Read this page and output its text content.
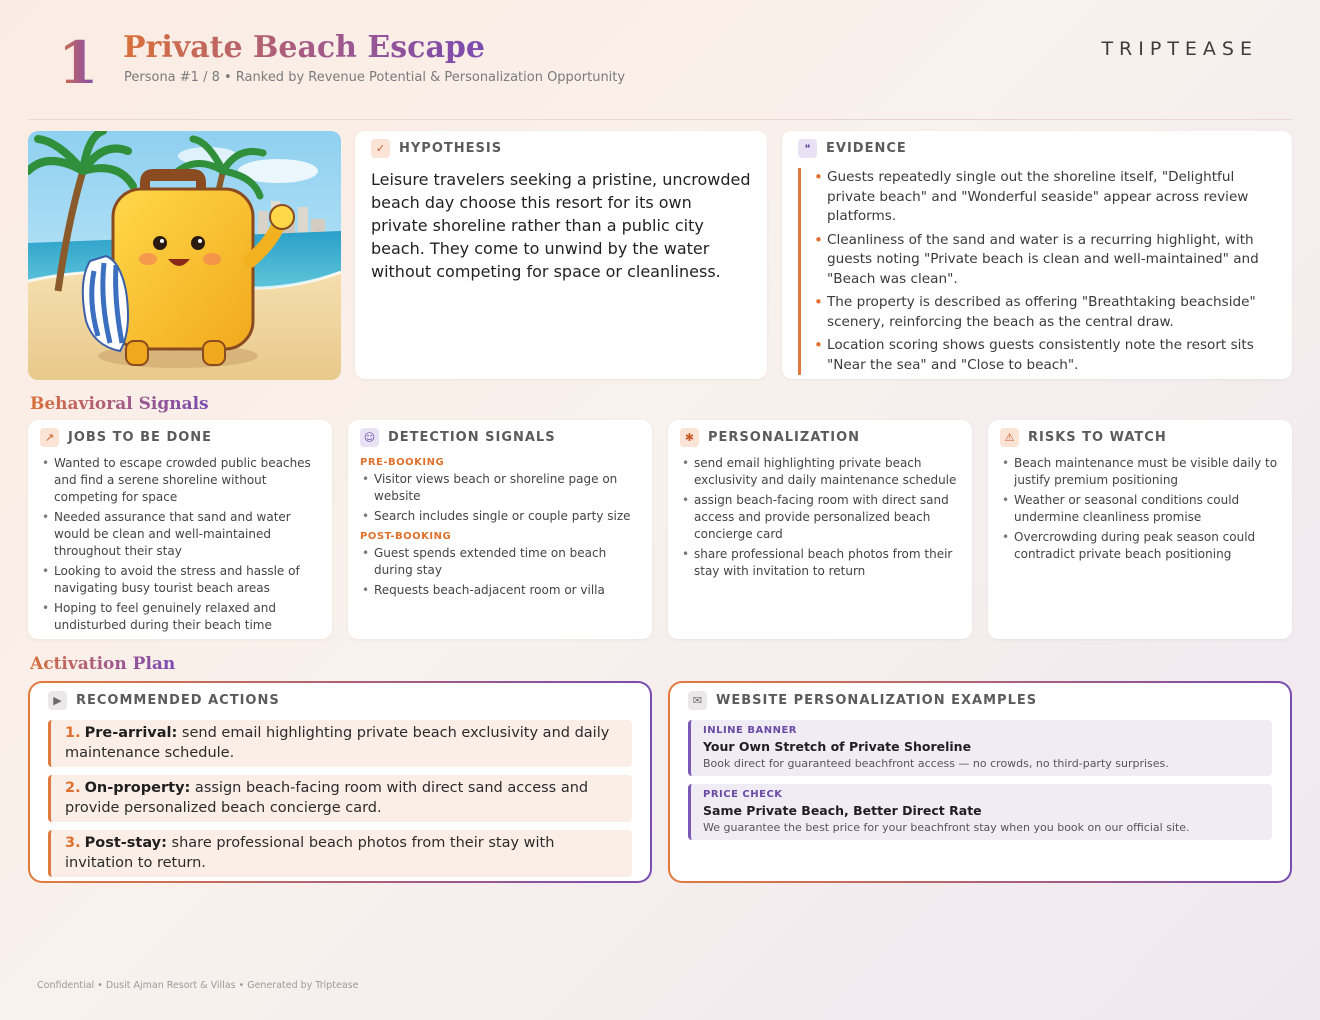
1 Private Beach Escape
Persona #1 / 8 • Ranked by Revenue Potential & Personalization Opportunity
TRIPTEASE
✓	HYPOTHESIS
Leisure travelers seeking a pristine, uncrowded beach day choose this resort for its own private shoreline rather than a public city beach. They come to unwind by the water without competing for space or cleanliness.
❝	EVIDENCE
• Guests repeatedly single out the shoreline itself, "Delightful private beach" and "Wonderful seaside" appear across review platforms.
• Cleanliness of the sand and water is a recurring highlight, with guests noting "Private beach is clean and well-maintained" and "Beach was clean".
• The property is described as offering "Breathtaking beachside" scenery, reinforcing the beach as the central draw.
• Location scoring shows guests consistently note the resort sits "Near the sea" and "Close to beach".
Behavioral Signals
↗	JOBS TO BE DONE
• Wanted to escape crowded public beaches and find a serene shoreline without competing for space
• Needed assurance that sand and water would be clean and well-maintained throughout their stay
• Looking to avoid the stress and hassle of navigating busy tourist beach areas
• Hoping to feel genuinely relaxed and undisturbed during their beach time
☺ DETECTION SIGNALS
PRE-BOOKING
• Visitor views beach or shoreline page on website
• Search includes single or couple party size
POST-BOOKING
• Guest spends extended time on beach during stay
• Requests beach-adjacent room or villa
✱	PERSONALIZATION
• send email highlighting private beach exclusivity and daily maintenance schedule
• assign beach-facing room with direct sand access and provide personalized beach concierge card
• share professional beach photos from their stay with invitation to return
⚠	RISKS TO WATCH
• Beach maintenance must be visible daily to justify premium positioning
• Weather or seasonal conditions could undermine cleanliness promise
• Overcrowding during peak season could contradict private beach positioning
Activation Plan
▶	RECOMMENDED ACTIONS
1. Pre-arrival: send email highlighting private beach exclusivity and daily maintenance schedule.
2. On-property: assign beach-facing room with direct sand access and provide personalized beach concierge card.
3. Post-stay: share professional beach photos from their stay with invitation to return.
✉	WEBSITE PERSONALIZATION EXAMPLES
INLINE BANNER
Your Own Stretch of Private Shoreline
Book direct for guaranteed beachfront access — no crowds, no third-party surprises.
PRICE CHECK
Same Private Beach, Better Direct Rate
We guarantee the best price for your beachfront stay when you book on our official site.
Confidential • Dusit Ajman Resort & Villas • Generated by Triptease
